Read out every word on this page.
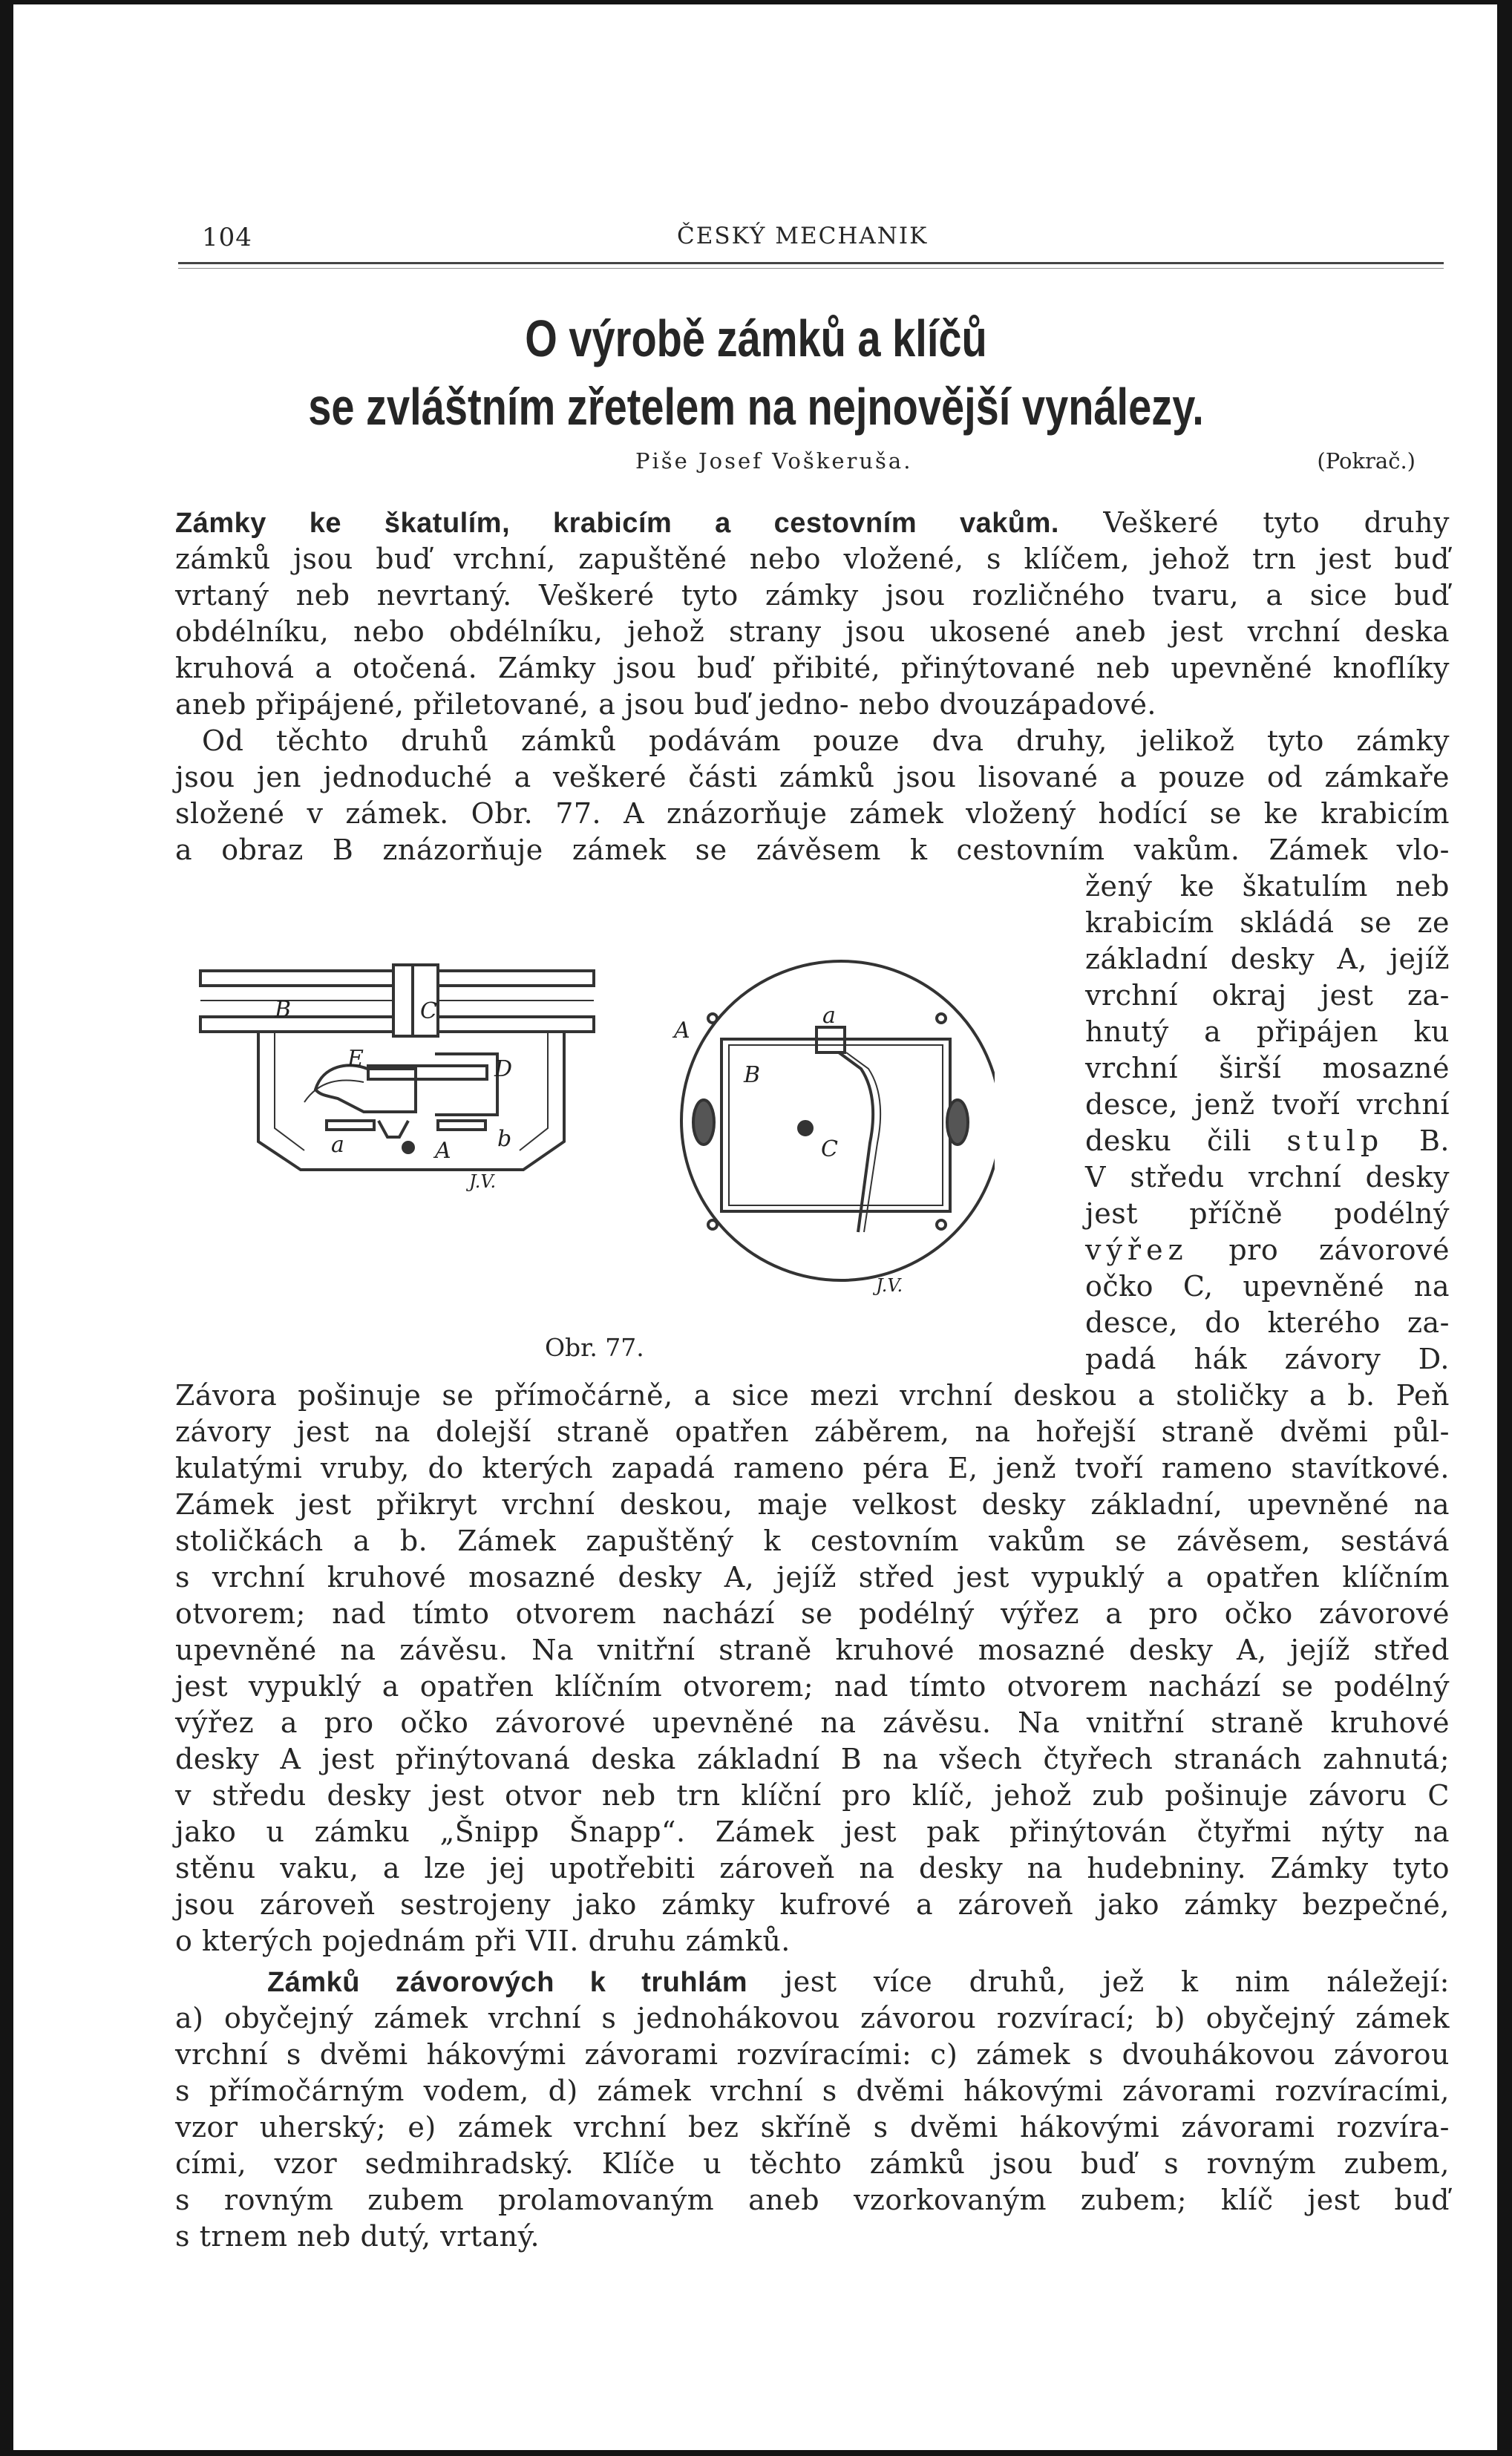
104	ČESKÝ MECHANIK
O výrobě zámků a klíčů
se zvláštním zřetelem na nejnovější vynálezy.
Piše Josef Voškeruša.	(Pokrač.)
Zámky ke škatulím, krabicím a cestovním vakům. Veškeré tyto druhy
zámků jsou buď vrchní, zapuštěné nebo vložené, s klíčem, jehož trn jest buď
vrtaný neb nevrtaný. Veškeré tyto zámky jsou rozličného tvaru, a sice buď
obdélníku, nebo obdélníku, jehož strany jsou ukosené aneb jest vrchní deska
kruhová a otočená. Zámky jsou buď přibité, přinýtované neb upevněné knoflíky
aneb připájené, přiletované, a jsou buď jedno- nebo dvouzápadové.
Od těchto druhů zámků podávám pouze dva druhy, jelikož tyto zámky
jsou jen jednoduché a veškeré části zámků jsou lisované a pouze od zámkaře
složené v zámek. Obr. 77. A znázorňuje zámek vložený hodící se ke krabicím
a obraz B znázorňuje zámek se závěsem k cestovním vakům. Zámek vlo-
žený ke škatulím neb
krabicím skládá se ze
základní desky A, jejíž
vrchní okraj jest za-
hnutý a připájen ku
vrchní širší mosazné
desce, jenž tvoří vrchní
desku čili stulp B.
V středu vrchní desky
jest příčně podélný
výřez pro závorové
očko C, upevněné na
desce, do kterého za-
padá hák závory D.
B	C
E	D
a	A b
J.V.
A
a
B
C
J.V.
Obr. 77.
Závora pošinuje se přímočárně, a sice mezi vrchní deskou a stoličky a b. Peň
závory jest na dolejší straně opatřen záběrem, na hořejší straně dvěmi půl-
kulatými vruby, do kterých zapadá rameno péra E, jenž tvoří rameno stavítkové.
Zámek jest přikryt vrchní deskou, maje velkost desky základní, upevněné na
stoličkách a b. Zámek zapuštěný k cestovním vakům se závěsem, sestává
s vrchní kruhové mosazné desky A, jejíž střed jest vypuklý a opatřen klíčním
otvorem; nad tímto otvorem nachází se podélný výřez a pro očko závorové
upevněné na závěsu. Na vnitřní straně kruhové mosazné desky A, jejíž střed
jest vypuklý a opatřen klíčním otvorem; nad tímto otvorem nachází se podélný
výřez a pro očko závorové upevněné na závěsu. Na vnitřní straně kruhové
desky A jest přinýtovaná deska základní B na všech čtyřech stranách zahnutá;
v středu desky jest otvor neb trn klíční pro klíč, jehož zub pošinuje závoru C
jako u zámku „Šnipp Šnapp“. Zámek jest pak přinýtován čtyřmi nýty na
stěnu vaku, a lze jej upotřebiti zároveň na desky na hudebniny. Zámky tyto
jsou zároveň sestrojeny jako zámky kufrové a zároveň jako zámky bezpečné,
o kterých pojednám při VII. druhu zámků.
Zámků závorových k truhlám jest více druhů, jež k nim náležejí:
a) obyčejný zámek vrchní s jednohákovou závorou rozvírací; b) obyčejný zámek
vrchní s dvěmi hákovými závorami rozvíracími: c) zámek s dvouhákovou závorou
s přímočárným vodem, d) zámek vrchní s dvěmi hákovými závorami rozvíracími,
vzor uherský; e) zámek vrchní bez skříně s dvěmi hákovými závorami rozvíra-
cími, vzor sedmihradský. Klíče u těchto zámků jsou buď s rovným zubem,
s rovným zubem prolamovaným aneb vzorkovaným zubem; klíč jest buď
s trnem neb dutý, vrtaný.
